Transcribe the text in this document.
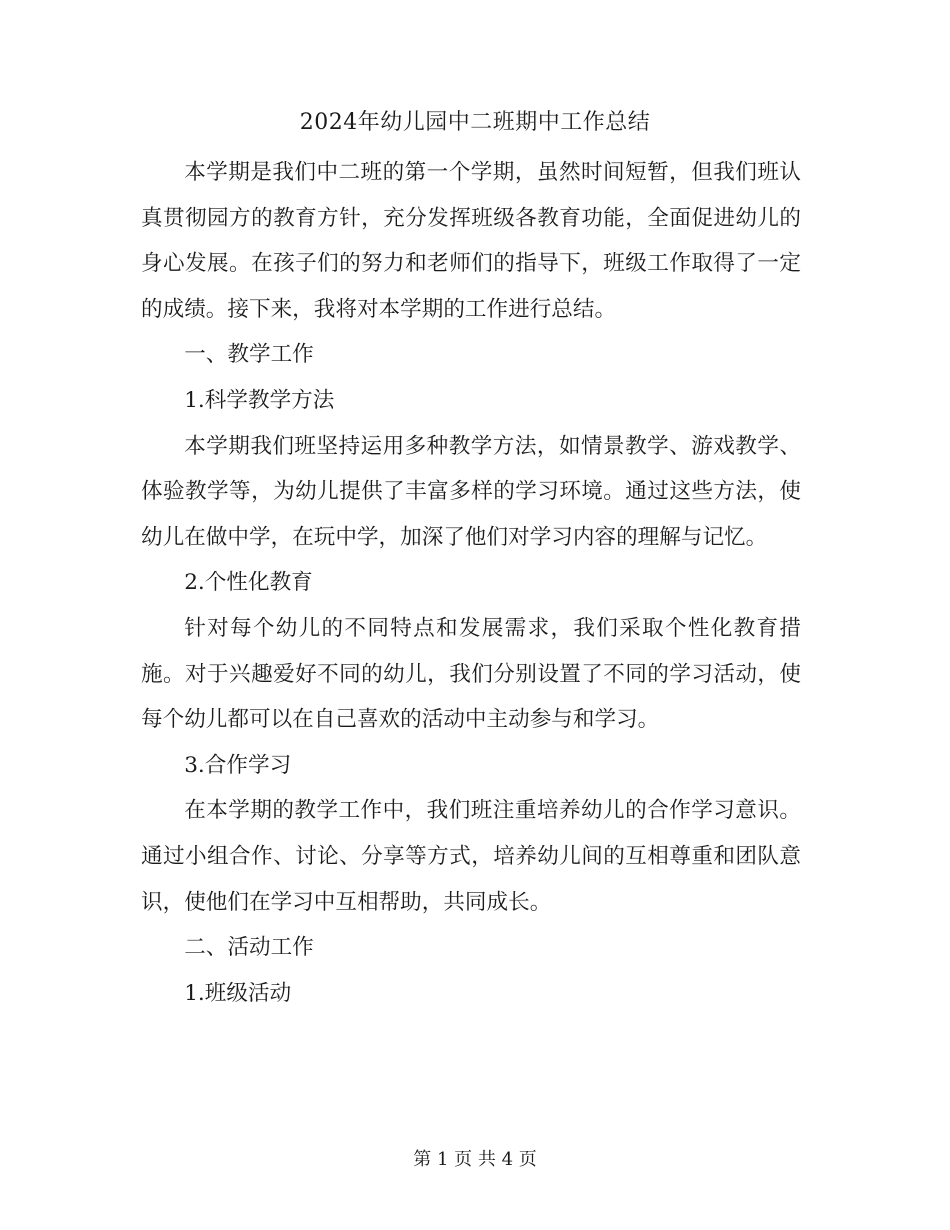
2024年幼儿园中二班期中工作总结

本学期是我们中二班的第一个学期，虽然时间短暂，但我们班认真贯彻园方的教育方针，充分发挥班级各教育功能，全面促进幼儿的身心发展。在孩子们的努力和老师们的指导下，班级工作取得了一定的成绩。接下来，我将对本学期的工作进行总结。

一、教学工作

1.科学教学方法

本学期我们班坚持运用多种教学方法，如情景教学、游戏教学、体验教学等，为幼儿提供了丰富多样的学习环境。通过这些方法，使幼儿在做中学，在玩中学，加深了他们对学习内容的理解与记忆。

2.个性化教育

针对每个幼儿的不同特点和发展需求，我们采取个性化教育措施。对于兴趣爱好不同的幼儿，我们分别设置了不同的学习活动，使每个幼儿都可以在自己喜欢的活动中主动参与和学习。

3.合作学习

在本学期的教学工作中，我们班注重培养幼儿的合作学习意识。通过小组合作、讨论、分享等方式，培养幼儿间的互相尊重和团队意识，使他们在学习中互相帮助，共同成长。

二、活动工作

1.班级活动

第 1 页 共 4 页
